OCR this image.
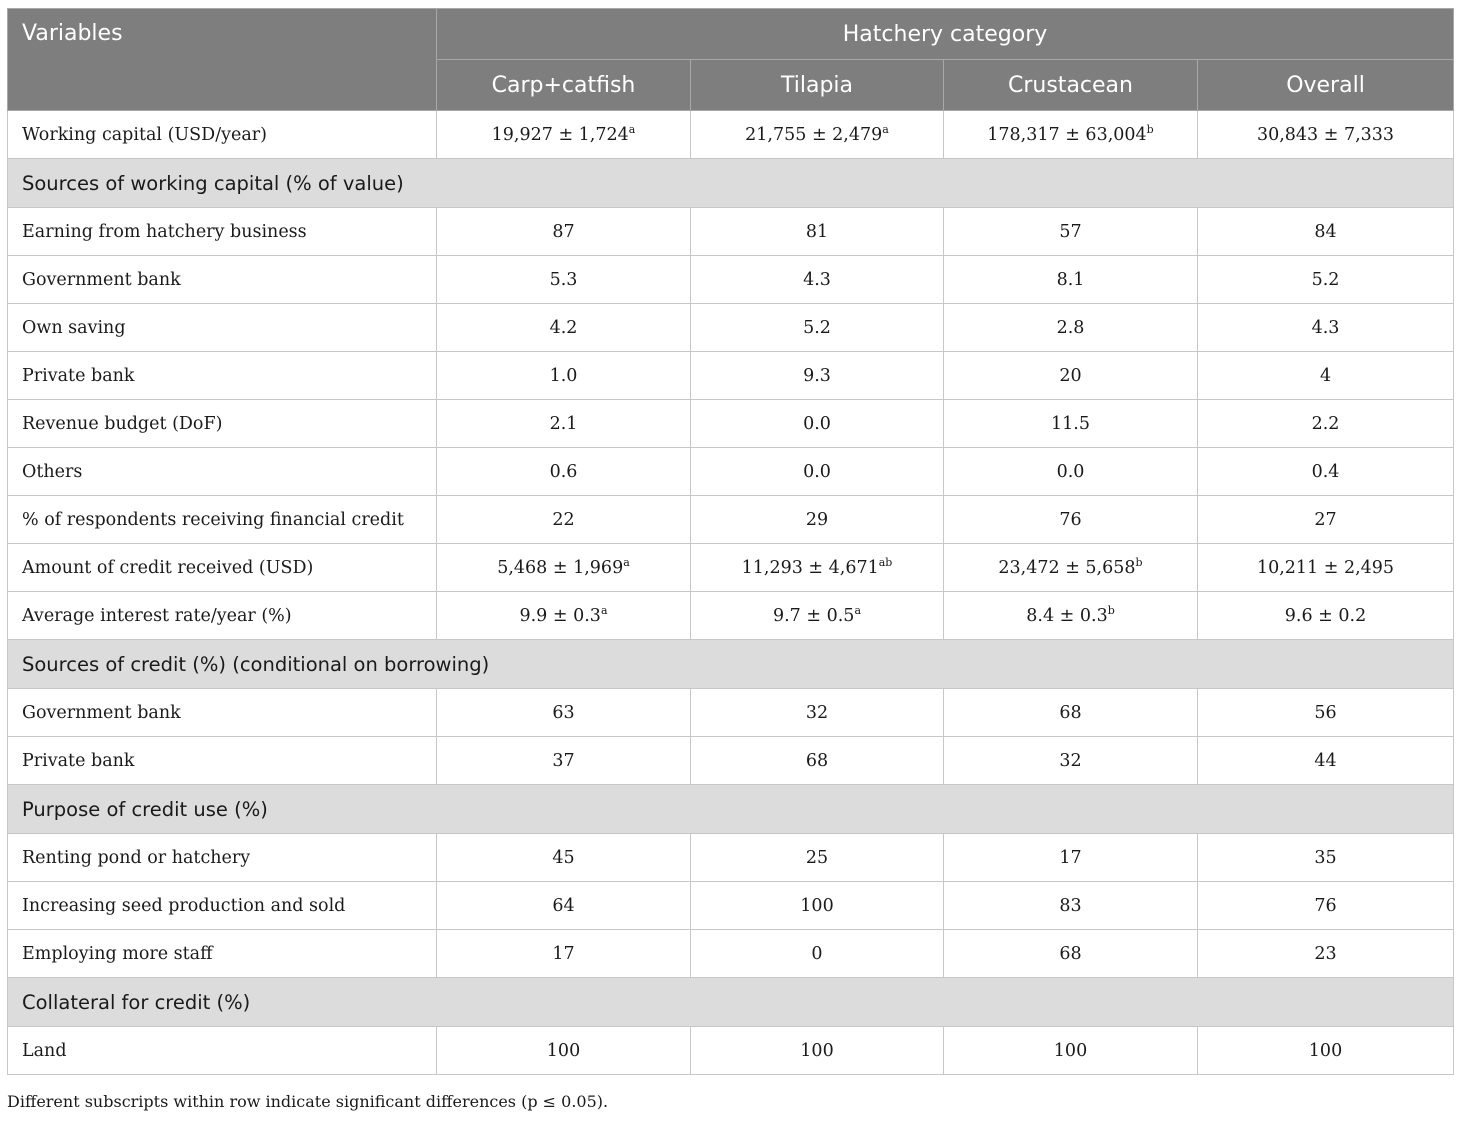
Variables	Hatchery category			
	Carp+catfish	Tilapia	Crustacean	Overall
Working capital (USD/year)	19,927 ± 1,724$^a$	21,755 ± 2,479$^a$	178,317 ± 63,004$^b$	30,843 ± 7,333
Sources of working capital (% of value)				
Earning from hatchery business	87	81	57	84
Government bank	5.3	4.3	8.1	5.2
Own saving	4.2	5.2	2.8	4.3
Private bank	1.0	9.3	20	4
Revenue budget (DoF)	2.1	0.0	11.5	2.2
Others	0.6	0.0	0.0	0.4
% of respondents receiving financial credit	22	29	76	27
Amount of credit received (USD)	5,468 ± 1,969$^a$	11,293 ± 4,671$^{ab}$	23,472 ± 5,658$^b$	10,211 ± 2,495
Average interest rate/year (%)	9.9 ± 0.3$^a$	9.7 ± 0.5$^a$	8.4 ± 0.3$^b$	9.6 ± 0.2
Sources of credit (%) (conditional on borrowing)				
Government bank	63	32	68	56
Private bank	37	68	32	44
Purpose of credit use (%)				
Renting pond or hatchery	45	25	17	35
Increasing seed production and sold	64	100	83	76
Employing more staff	17	0	68	23
Collateral for credit (%)				
Land	100	100	100	100
Different subscripts within row indicate significant differences (p ≤ 0.05).
